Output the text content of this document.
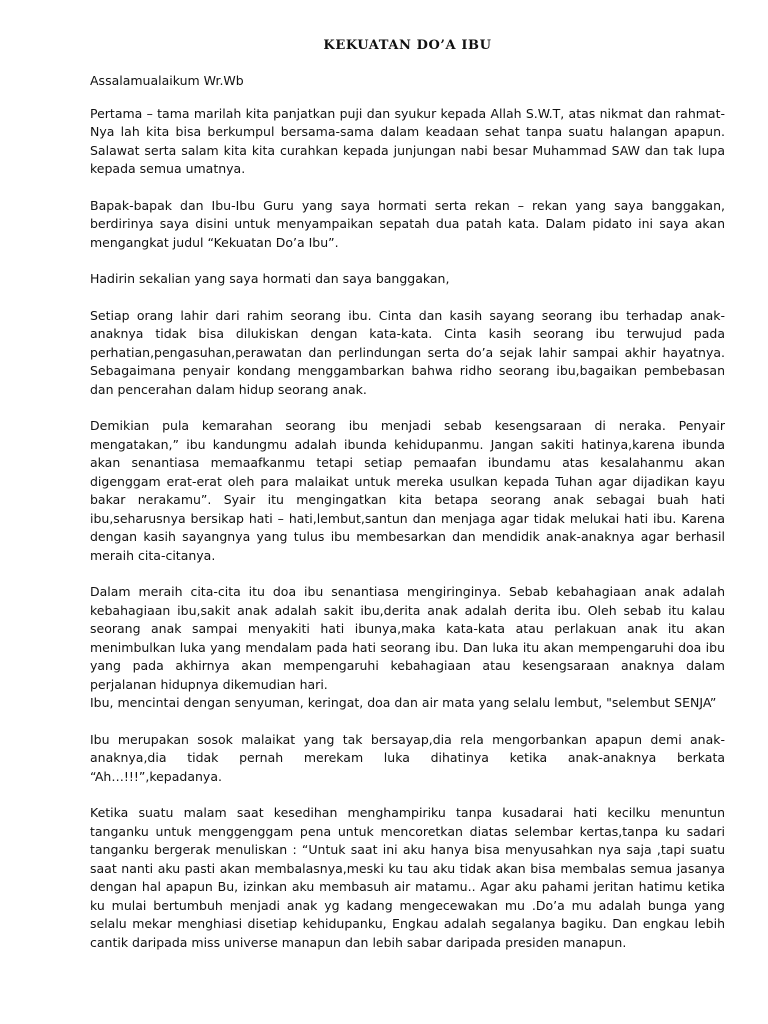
KEKUATAN DO’A IBU

Assalamualaikum Wr.Wb

Pertama – tama marilah kita panjatkan puji dan syukur kepada Allah S.W.T, atas nikmat dan rahmat-Nya lah kita bisa berkumpul bersama-sama dalam keadaan sehat tanpa suatu halangan apapun. Salawat serta salam kita kita curahkan kepada junjungan nabi besar Muhammad SAW dan tak lupa kepada semua umatnya.

Bapak-bapak dan Ibu-Ibu Guru yang saya hormati serta rekan – rekan yang saya banggakan, berdirinya saya disini untuk menyampaikan sepatah dua patah kata. Dalam pidato ini saya akan mengangkat judul “Kekuatan Do’a Ibu”.

Hadirin sekalian yang saya hormati dan saya banggakan,

Setiap orang lahir dari rahim seorang ibu. Cinta dan kasih sayang seorang ibu terhadap anak-anaknya tidak bisa dilukiskan dengan kata-kata. Cinta kasih seorang ibu terwujud pada perhatian,pengasuhan,perawatan dan perlindungan serta do’a sejak lahir sampai akhir hayatnya. Sebagaimana penyair kondang menggambarkan bahwa ridho seorang ibu,bagaikan pembebasan dan pencerahan dalam hidup seorang anak.

Demikian pula kemarahan seorang ibu menjadi sebab kesengsaraan di neraka. Penyair mengatakan,” ibu kandungmu adalah ibunda kehidupanmu. Jangan sakiti hatinya,karena ibunda akan senantiasa memaafkanmu tetapi setiap pemaafan ibundamu atas kesalahanmu akan digenggam erat-erat oleh para malaikat untuk mereka usulkan kepada Tuhan agar dijadikan kayu bakar nerakamu”. Syair itu mengingatkan kita betapa seorang anak sebagai buah hati ibu,seharusnya bersikap hati – hati,lembut,santun dan menjaga agar tidak melukai hati ibu. Karena dengan kasih sayangnya yang tulus ibu membesarkan dan mendidik anak-anaknya agar berhasil meraih cita-citanya.

Dalam meraih cita-cita itu doa ibu senantiasa mengiringinya. Sebab kebahagiaan anak adalah kebahagiaan ibu,sakit anak adalah sakit ibu,derita anak adalah derita ibu. Oleh sebab itu kalau seorang anak sampai menyakiti hati ibunya,maka kata-kata atau perlakuan anak itu akan menimbulkan luka yang mendalam pada hati seorang ibu. Dan luka itu akan mempengaruhi doa ibu yang pada akhirnya akan mempengaruhi kebahagiaan atau kesengsaraan anaknya dalam perjalanan hidupnya dikemudian hari.

Ibu, mencintai dengan senyuman, keringat, doa dan air mata yang selalu lembut, "selembut SENJA”

Ibu merupakan sosok malaikat yang tak bersayap,dia rela mengorbankan apapun demi anak-anaknya,dia tidak pernah merekam luka dihatinya ketika anak-anaknya berkata “Ah…!!!”,kepadanya.

Ketika suatu malam saat kesedihan menghampiriku tanpa kusadarai hati kecilku menuntun tanganku untuk menggenggam pena untuk mencoretkan diatas selembar kertas,tanpa ku sadari tanganku bergerak menuliskan : “Untuk saat ini aku hanya bisa menyusahkan nya saja ,tapi suatu saat nanti aku pasti akan membalasnya,meski ku tau aku tidak akan bisa membalas semua jasanya dengan hal apapun Bu, izinkan aku membasuh air matamu.. Agar aku pahami jeritan hatimu ketika ku mulai bertumbuh menjadi anak yg kadang mengecewakan mu .Do’a mu adalah bunga yang selalu mekar menghiasi disetiap kehidupanku, Engkau adalah segalanya bagiku. Dan engkau lebih cantik daripada miss universe manapun dan lebih sabar daripada presiden manapun.
